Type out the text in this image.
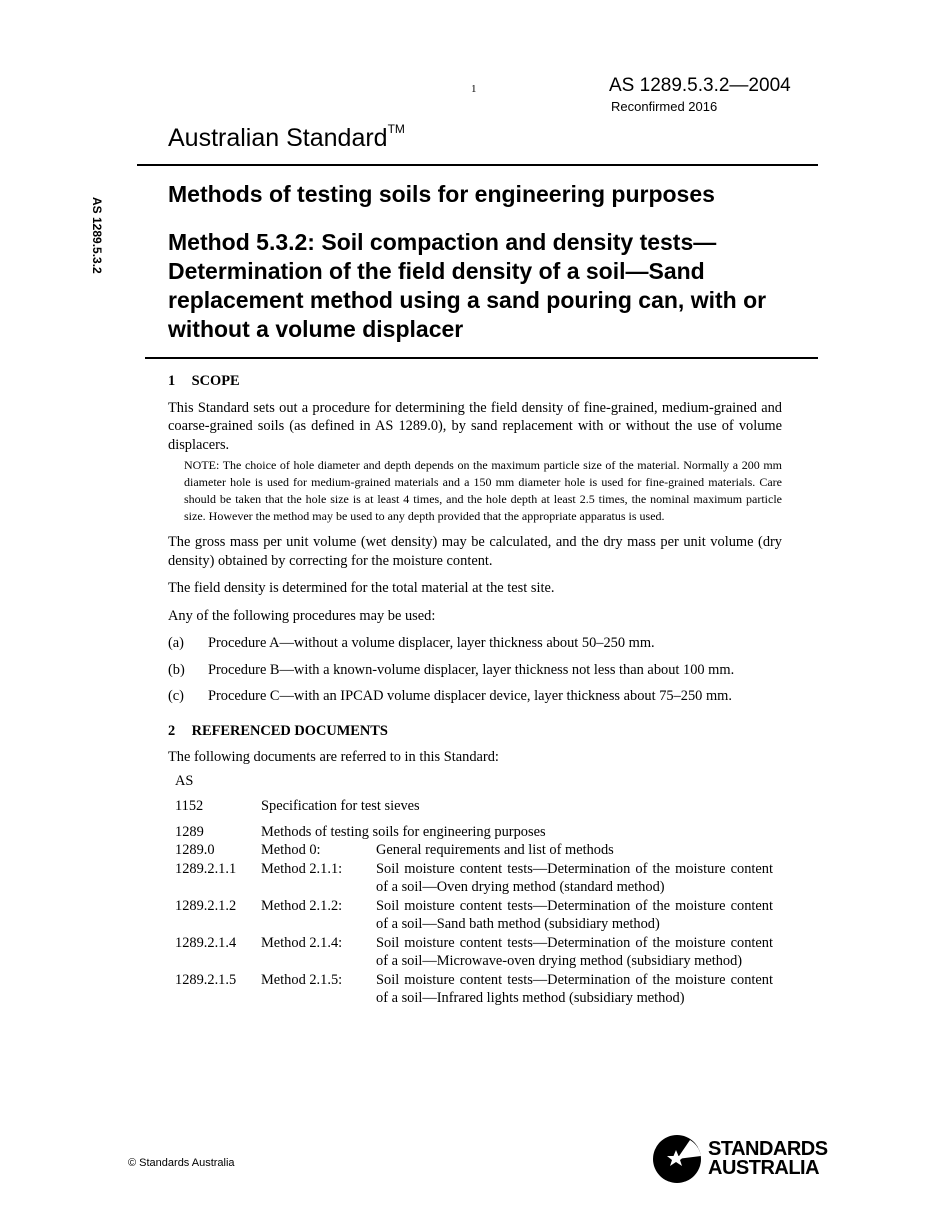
1	AS 1289.5.3.2—2004
Reconfirmed 2016
Australian Standard™
AS 1289.5.3.2
Methods of testing soils for engineering purposes
Method 5.3.2: Soil compaction and density tests—Determination of the field density of a soil—Sand replacement method using a sand pouring can, with or without a volume displacer
1 SCOPE

This Standard sets out a procedure for determining the field density of fine-grained, medium-grained and coarse-grained soils (as defined in AS 1289.0), by sand replacement with or without the use of volume displacers.

NOTE: The choice of hole diameter and depth depends on the maximum particle size of the material. Normally a 200 mm diameter hole is used for medium-grained materials and a 150 mm diameter hole is used for fine-grained materials. Care should be taken that the hole size is at least 4 times, and the hole depth at least 2.5 times, the nominal maximum particle size. However the method may be used to any depth provided that the appropriate apparatus is used.

The gross mass per unit volume (wet density) may be calculated, and the dry mass per unit volume (dry density) obtained by correcting for the moisture content.

The field density is determined for the total material at the test site.

Any of the following procedures may be used:

(a)	Procedure A—without a volume displacer, layer thickness about 50–250 mm.
(b)	Procedure B—with a known-volume displacer, layer thickness not less than about 100 mm.
(c)	Procedure C—with an IPCAD volume displacer device, layer thickness about 75–250 mm.
2 REFERENCED DOCUMENTS

The following documents are referred to in this Standard:

AS
1152	Specification for test sieves
1289	Methods of testing soils for engineering purposes
1289.0	Method 0:	General requirements and list of methods
1289.2.1.1	Method 2.1.1:	Soil moisture content tests—Determination of the moisture content of a soil—Oven drying method (standard method)
1289.2.1.2	Method 2.1.2:	Soil moisture content tests—Determination of the moisture content of a soil—Sand bath method (subsidiary method)
1289.2.1.4	Method 2.1.4:	Soil moisture content tests—Determination of the moisture content of a soil—Microwave-oven drying method (subsidiary method)
1289.2.1.5	Method 2.1.5:	Soil moisture content tests—Determination of the moisture content of a soil—Infrared lights method (subsidiary method)
© Standards Australia
STANDARDS
AUSTRALIA
